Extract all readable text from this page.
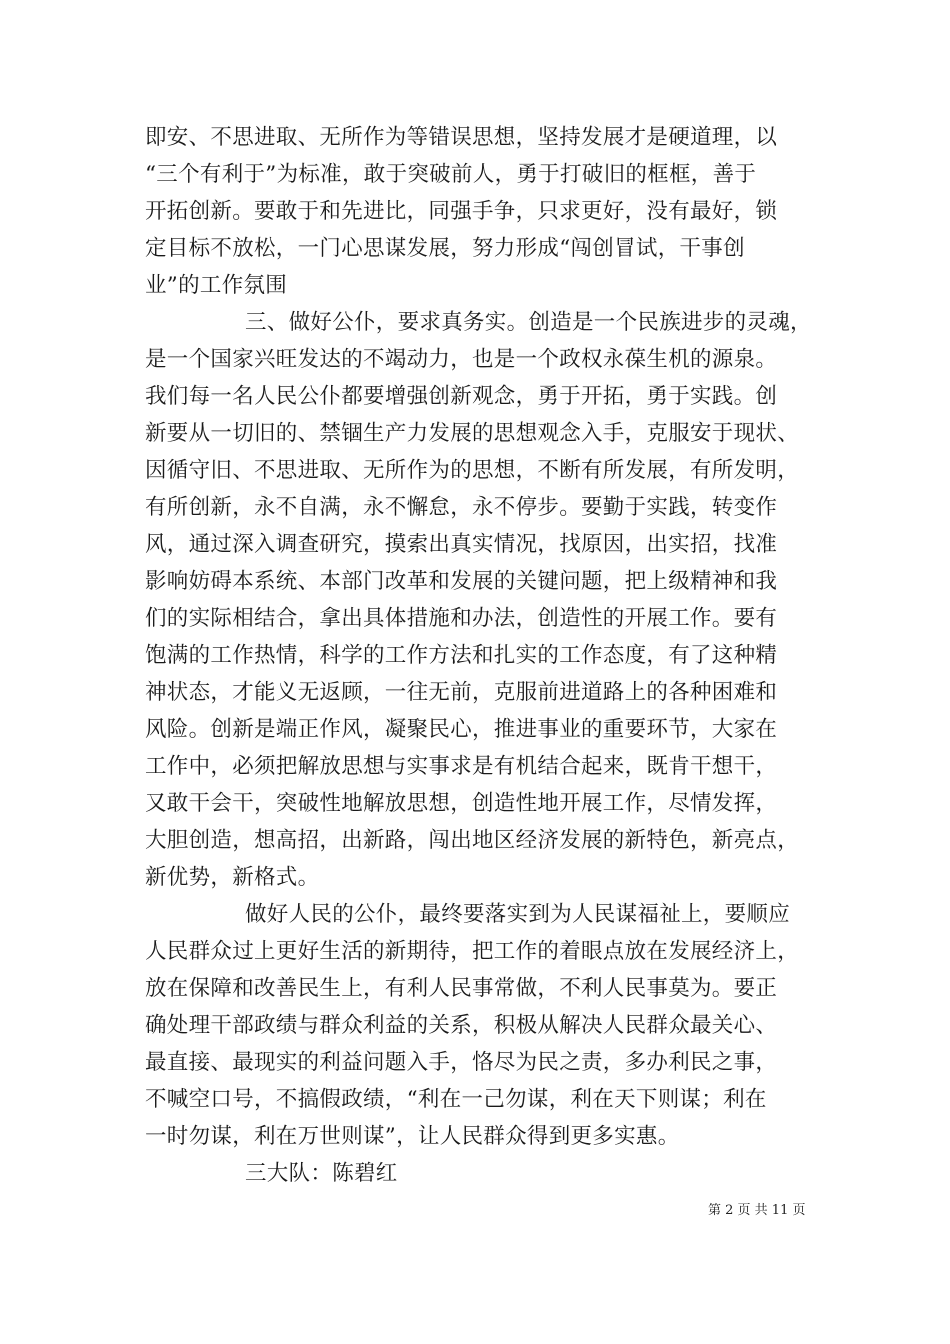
即安、不思进取、无所作为等错误思想，坚持发展才是硬道理，以
“三个有利于”为标准，敢于突破前人，勇于打破旧的框框，善于
开拓创新。要敢于和先进比，同强手争，只求更好，没有最好，锁
定目标不放松，一门心思谋发展，努力形成“闯创冒试，干事创
业”的工作氛围
三、做好公仆，要求真务实。创造是一个民族进步的灵魂，
是一个国家兴旺发达的不竭动力，也是一个政权永葆生机的源泉。
我们每一名人民公仆都要增强创新观念，勇于开拓，勇于实践。创
新要从一切旧的、禁锢生产力发展的思想观念入手，克服安于现状、
因循守旧、不思进取、无所作为的思想，不断有所发展，有所发明，
有所创新，永不自满，永不懈怠，永不停步。要勤于实践，转变作
风，通过深入调查研究，摸索出真实情况，找原因，出实招，找准
影响妨碍本系统、本部门改革和发展的关键问题，把上级精神和我
们的实际相结合，拿出具体措施和办法，创造性的开展工作。要有
饱满的工作热情，科学的工作方法和扎实的工作态度，有了这种精
神状态，才能义无返顾，一往无前，克服前进道路上的各种困难和
风险。创新是端正作风，凝聚民心，推进事业的重要环节，大家在
工作中，必须把解放思想与实事求是有机结合起来，既肯干想干，
又敢干会干，突破性地解放思想，创造性地开展工作，尽情发挥，
大胆创造，想高招，出新路，闯出地区经济发展的新特色，新亮点，
新优势，新格式。
做好人民的公仆，最终要落实到为人民谋福祉上，要顺应
人民群众过上更好生活的新期待，把工作的着眼点放在发展经济上，
放在保障和改善民生上，有利人民事常做，不利人民事莫为。要正
确处理干部政绩与群众利益的关系，积极从解决人民群众最关心、
最直接、最现实的利益问题入手，恪尽为民之责，多办利民之事，
不喊空口号，不搞假政绩，“利在一己勿谋，利在天下则谋；利在
一时勿谋，利在万世则谋”，让人民群众得到更多实惠。
三大队：陈碧红
第 2 页 共 11 页
